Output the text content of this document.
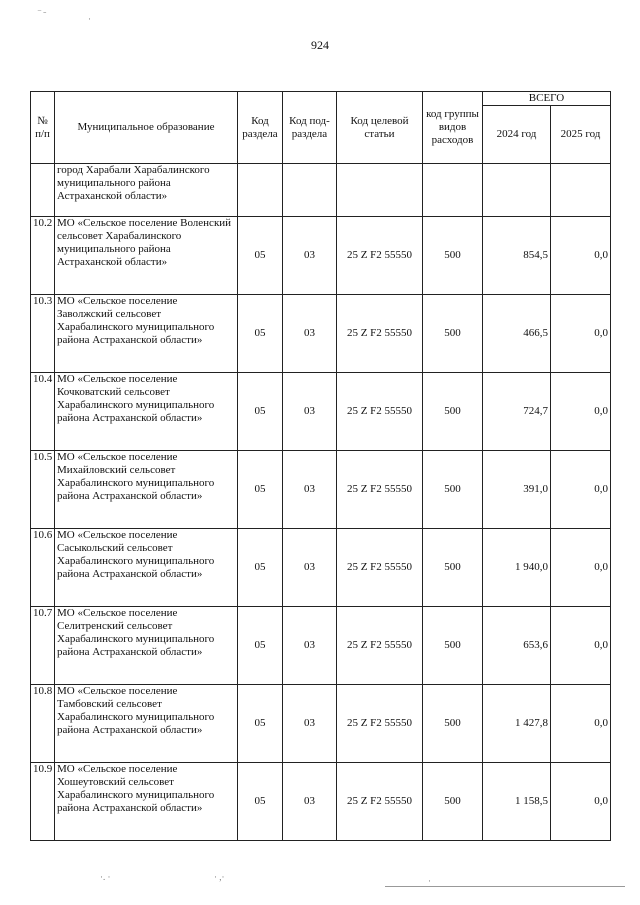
‾ ˉ	·
924
№ п/п	Муниципальное образование	Код раздела	Код под-раздела	Код целевой статьи	код группы видов расходов	ВСЕГО	
						2024 год	2025 год
	город Харабали Харабалинского муниципального района Астраханской области»						
10.2	МО «Сельское поселение Воленский сельсовет Харабалинского муниципального района Астраханской области»	05	03	25 Z F2 55550	500	854,5	0,0
10.3	МО «Сельское поселение Заволжский сельсовет Харабалинского муниципального района Астраханской области»	05	03	25 Z F2 55550	500	466,5	0,0
10.4	МО «Сельское поселение Кочковатский сельсовет Харабалинского муниципального района Астраханской области»	05	03	25 Z F2 55550	500	724,7	0,0
10.5	МО «Сельское поселение Михайловский сельсовет Харабалинского муниципального района Астраханской области»	05	03	25 Z F2 55550	500	391,0	0,0
10.6	МО «Сельское поселение Сасыкольский сельсовет Харабалинского муниципального района Астраханской области»	05	03	25 Z F2 55550	500	1 940,0	0,0
10.7	МО «Сельское поселение Селитренский сельсовет Харабалинского муниципального района Астраханской области»	05	03	25 Z F2 55550	500	653,6	0,0
10.8	МО «Сельское поселение Тамбовский сельсовет Харабалинского муниципального района Астраханской области»	05	03	25 Z F2 55550	500	1 427,8	0,0
10.9	МО «Сельское поселение Хошеутовский сельсовет Харабалинского муниципального района Астраханской области»	05	03	25 Z F2 55550	500	1 158,5	0,0
·. ·	· ,·	·
